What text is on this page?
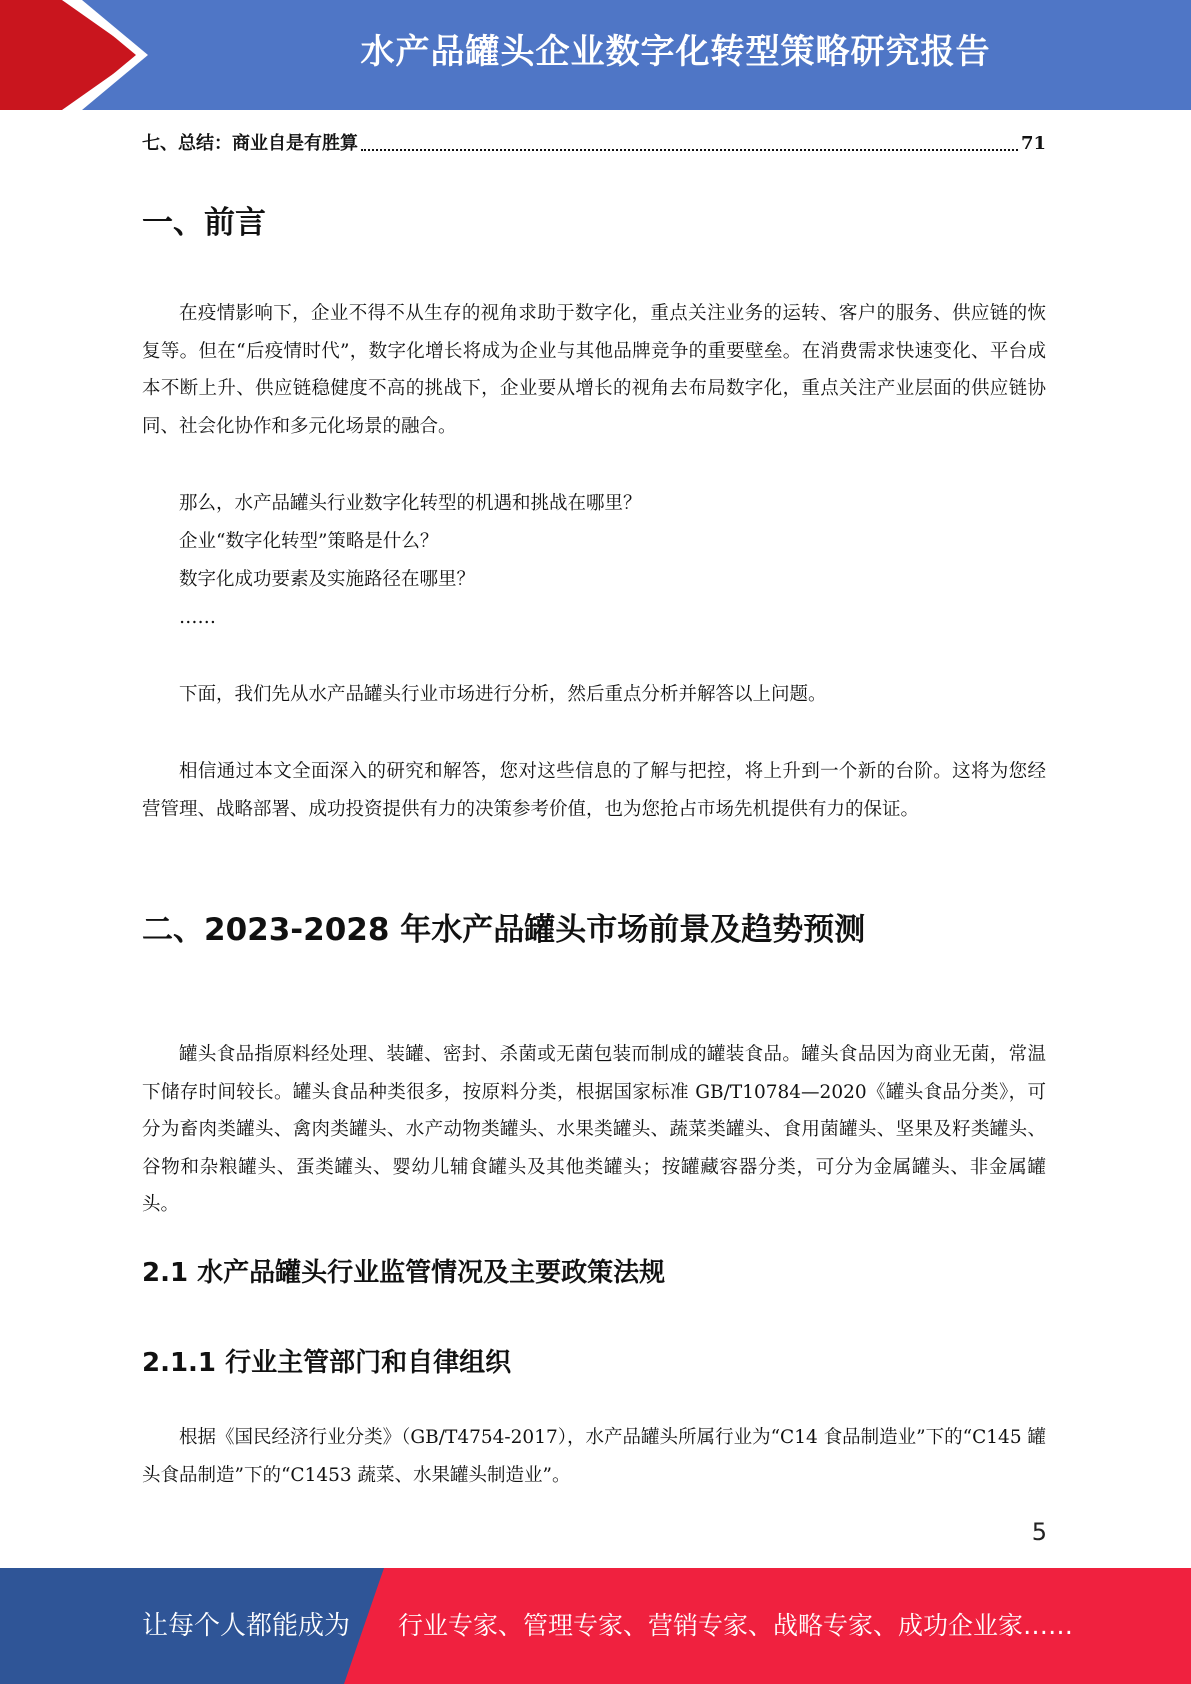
水产品罐头企业数字化转型策略研究报告
七、总结：商业自是有胜算	71
一、前言

在疫情影响下，企业不得不从生存的视角求助于数字化，重点关注业务的运转、客户的服务、供应链的恢复等。但在“后疫情时代”，数字化增长将成为企业与其他品牌竞争的重要壁垒。在消费需求快速变化、平台成本不断上升、供应链稳健度不高的挑战下，企业要从增长的视角去布局数字化，重点关注产业层面的供应链协同、社会化协作和多元化场景的融合。

那么，水产品罐头行业数字化转型的机遇和挑战在哪里？

企业“数字化转型”策略是什么？

数字化成功要素及实施路径在哪里？

……

下面，我们先从水产品罐头行业市场进行分析，然后重点分析并解答以上问题。

相信通过本文全面深入的研究和解答，您对这些信息的了解与把控，将上升到一个新的台阶。这将为您经营管理、战略部署、成功投资提供有力的决策参考价值，也为您抢占市场先机提供有力的保证。

二、2023-2028 年水产品罐头市场前景及趋势预测

罐头食品指原料经处理、装罐、密封、杀菌或无菌包装而制成的罐装食品。罐头食品因为商业无菌，常温下储存时间较长。罐头食品种类很多，按原料分类，根据国家标准 GB/T10784—2020《罐头食品分类》，可分为畜肉类罐头、禽肉类罐头、水产动物类罐头、水果类罐头、蔬菜类罐头、食用菌罐头、坚果及籽类罐头、谷物和杂粮罐头、蛋类罐头、婴幼儿辅食罐头及其他类罐头；按罐藏容器分类，可分为金属罐头、非金属罐头。

2.1 水产品罐头行业监管情况及主要政策法规
2.1.1 行业主管部门和自律组织

根据《国民经济行业分类》（GB/T4754-2017），水产品罐头所属行业为“C14 食品制造业”下的“C145 罐头食品制造”下的“C1453 蔬菜、水果罐头制造业”。

5
让每个人都能成为 行业专家、管理专家、营销专家、战略专家、成功企业家……
